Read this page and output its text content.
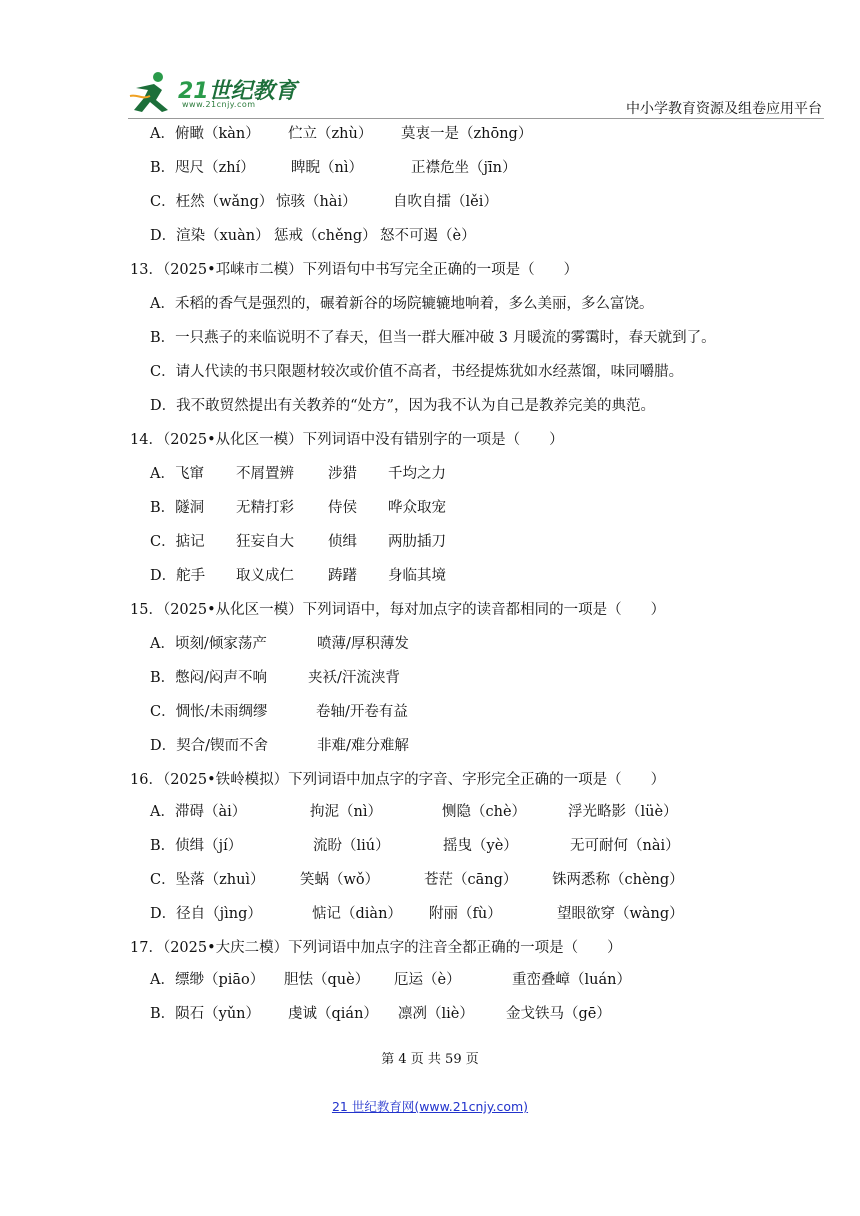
21世纪教育
www.21cnjy.com	中小学教育资源及组卷应用平台
A．俯瞰（kàn） 伫立（zhù） 莫衷一是（zhōng）
B．咫尺（zhí） 睥睨（nì）	正襟危坐（jīn）
C．枉然（wǎng） 惊骇（hài）	自吹自擂（lěi）
D．渲染（xuàn） 惩戒（chěng） 怒不可遏（è）
13．（2025•邛崃市二模）下列语句中书写完全正确的一项是（　　）
A．禾稻的香气是强烈的，碾着新谷的场院辘辘地响着，多么美丽，多么富饶。
B．一只燕子的来临说明不了春天，但当一群大雁冲破 3 月暖流的雾霭时，春天就到了。
C．请人代读的书只限题材较次或价值不高者，书经提炼犹如水经蒸馏，味同嚼腊。
D．我不敢贸然提出有关教养的“处方”，因为我不认为自己是教养完美的典范。
14．（2025•从化区一模）下列词语中没有错别字的一项是（　　）
A．飞窜 不屑置辨 涉猎 千均之力
B．隧洞 无精打彩 侍侯 哗众取宠
C．掂记 狂妄自大 侦缉 两肋插刀
D．舵手 取义成仁 踌躇 身临其境
15．（2025•从化区一模）下列词语中，每对加点字的读音都相同的一项是（　　）
A．顷刻/倾家荡产	喷薄/厚积薄发
B．憋闷/闷声不响	夹袄/汗流浃背
C．惆怅/未雨绸缪	卷轴/开卷有益
D．契合/锲而不舍	非难/难分难解
16．（2025•铁岭模拟）下列词语中加点字的字音、字形完全正确的一项是（　　）
A．滞碍（ài）	拘泥（nì）	恻隐（chè）	浮光略影（lüè）
B．侦缉（jí）	流盼（liú）	摇曳（yè）	无可耐何（nài）
C．坠落（zhuì） 笑蜗（wǒ）	苍茫（cāng） 铢两悉称（chèng）
D．径自（jìng）	惦记（diàn） 附丽（fù）	望眼欲穿（wàng）
17．（2025•大庆二模）下列词语中加点字的注音全都正确的一项是（　　）
A．缥缈（piāo） 胆怯（què） 厄运（è）	重峦叠嶂（luán）
B．陨石（yǔn） 虔诚（qián） 凛冽（liè） 金戈铁马（gē）
第 4 页 共 59 页
21 世纪教育网(www.21cnjy.com)
